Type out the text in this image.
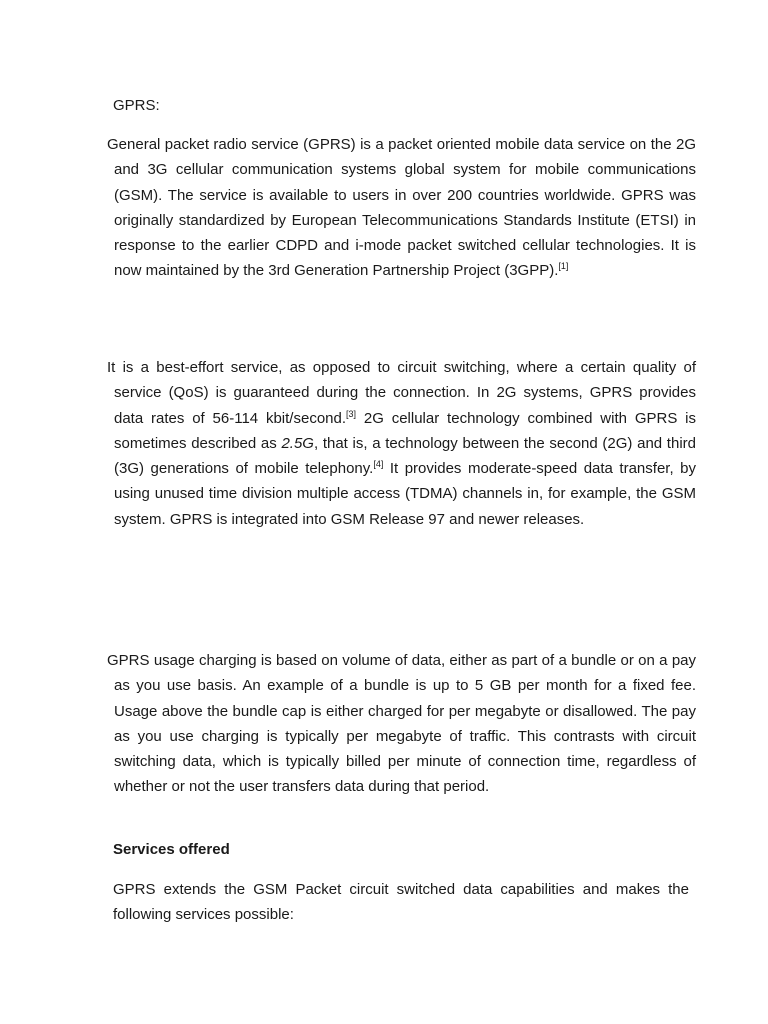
GPRS:
General packet radio service (GPRS) is a packet oriented mobile data service on the 2G and 3G cellular communication systems global system for mobile communications (GSM). The service is available to users in over 200 countries worldwide. GPRS was originally standardized by European Telecommunications Standards Institute (ETSI) in response to the earlier CDPD and i-mode packet switched cellular technologies. It is now maintained by the 3rd Generation Partnership Project (3GPP).[1]
It is a best-effort service, as opposed to circuit switching, where a certain quality of service (QoS) is guaranteed during the connection. In 2G systems, GPRS provides data rates of 56-114 kbit/second.[3] 2G cellular technology combined with GPRS is sometimes described as 2.5G, that is, a technology between the second (2G) and third (3G) generations of mobile telephony.[4] It provides moderate-speed data transfer, by using unused time division multiple access (TDMA) channels in, for example, the GSM system. GPRS is integrated into GSM Release 97 and newer releases.
GPRS usage charging is based on volume of data, either as part of a bundle or on a pay as you use basis. An example of a bundle is up to 5 GB per month for a fixed fee. Usage above the bundle cap is either charged for per megabyte or disallowed. The pay as you use charging is typically per megabyte of traffic. This contrasts with circuit switching data, which is typically billed per minute of connection time, regardless of whether or not the user transfers data during that period.
Services offered
GPRS extends the GSM Packet circuit switched data capabilities and makes the following services possible:
